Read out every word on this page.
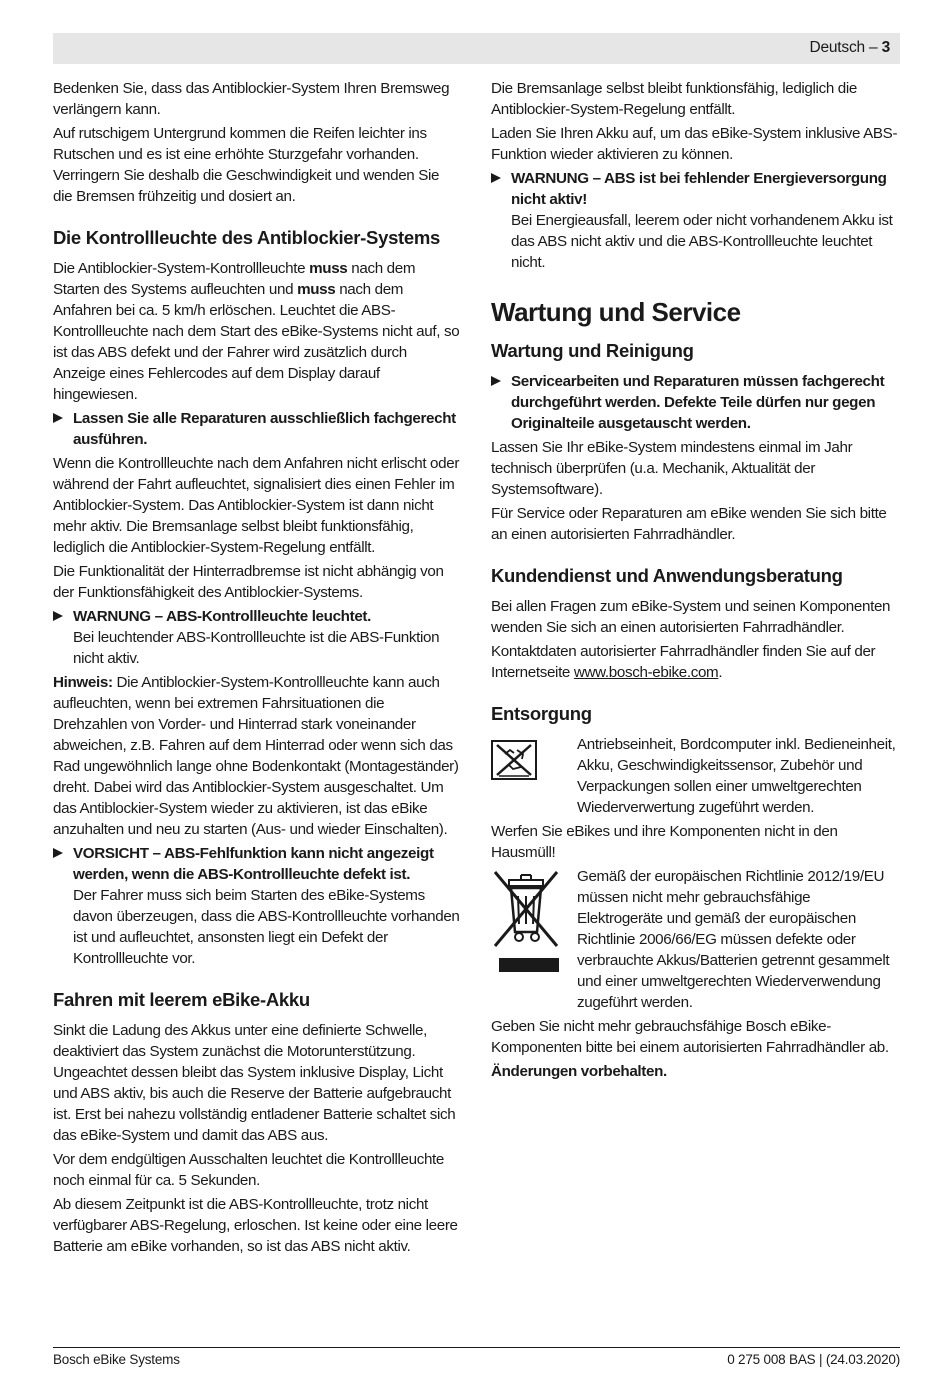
Deutsch – 3

Bedenken Sie, dass das Antiblockier-System Ihren Bremsweg verlängern kann.

Auf rutschigem Untergrund kommen die Reifen leichter ins Rutschen und es ist eine erhöhte Sturzgefahr vorhanden. Verringern Sie deshalb die Geschwindigkeit und wenden Sie die Bremsen frühzeitig und dosiert an.

Die Kontrollleuchte des Antiblockier-Systems

Die Antiblockier-System-Kontrollleuchte muss nach dem Starten des Systems aufleuchten und muss nach dem Anfahren bei ca. 5 km/h erlöschen. Leuchtet die ABS-Kontrollleuchte nach dem Start des eBike-Systems nicht auf, so ist das ABS defekt und der Fahrer wird zusätzlich durch Anzeige eines Fehlercodes auf dem Display darauf hingewiesen.

Lassen Sie alle Reparaturen ausschließlich fachgerecht ausführen.

Wenn die Kontrollleuchte nach dem Anfahren nicht erlischt oder während der Fahrt aufleuchtet, signalisiert dies einen Fehler im Antiblockier-System. Das Antiblockier-System ist dann nicht mehr aktiv. Die Bremsanlage selbst bleibt funktionsfähig, lediglich die Antiblockier-System-Regelung entfällt.

Die Funktionalität der Hinterradbremse ist nicht abhängig von der Funktionsfähigkeit des Antiblockier-Systems.

WARNUNG – ABS-Kontrollleuchte leuchtet.
Bei leuchtender ABS-Kontrollleuchte ist die ABS-Funktion nicht aktiv.

Hinweis: Die Antiblockier-System-Kontrollleuchte kann auch aufleuchten, wenn bei extremen Fahrsituationen die Drehzahlen von Vorder- und Hinterrad stark voneinander abweichen, z.B. Fahren auf dem Hinterrad oder wenn sich das Rad ungewöhnlich lange ohne Bodenkontakt (Montageständer) dreht. Dabei wird das Antiblockier-System ausgeschaltet. Um das Antiblockier-System wieder zu aktivieren, ist das eBike anzuhalten und neu zu starten (Aus- und wieder Einschalten).

VORSICHT – ABS-Fehlfunktion kann nicht angezeigt werden, wenn die ABS-Kontrollleuchte defekt ist.
Der Fahrer muss sich beim Starten des eBike-Systems davon überzeugen, dass die ABS-Kontrollleuchte vorhanden ist und aufleuchtet, ansonsten liegt ein Defekt der Kontrollleuchte vor.
Fahren mit leerem eBike-Akku

Sinkt die Ladung des Akkus unter eine definierte Schwelle, deaktiviert das System zunächst die Motorunterstützung. Ungeachtet dessen bleibt das System inklusive Display, Licht und ABS aktiv, bis auch die Reserve der Batterie aufgebraucht ist. Erst bei nahezu vollständig entladener Batterie schaltet sich das eBike-System und damit das ABS aus.

Vor dem endgültigen Ausschalten leuchtet die Kontrollleuchte noch einmal für ca. 5 Sekunden.

Ab diesem Zeitpunkt ist die ABS-Kontrollleuchte, trotz nicht verfügbarer ABS-Regelung, erloschen. Ist keine oder eine leere Batterie am eBike vorhanden, so ist das ABS nicht aktiv.

Die Bremsanlage selbst bleibt funktionsfähig, lediglich die Antiblockier-System-Regelung entfällt.

Laden Sie Ihren Akku auf, um das eBike-System inklusive ABS-Funktion wieder aktivieren zu können.

WARNUNG – ABS ist bei fehlender Energieversorgung nicht aktiv!
Bei Energieausfall, leerem oder nicht vorhandenem Akku ist das ABS nicht aktiv und die ABS-Kontrollleuchte leuchtet nicht.
Wartung und Service
Wartung und Reinigung
Servicearbeiten und Reparaturen müssen fachgerecht durchgeführt werden. Defekte Teile dürfen nur gegen Originalteile ausgetauscht werden.

Lassen Sie Ihr eBike-System mindestens einmal im Jahr technisch überprüfen (u.a. Mechanik, Aktualität der Systemsoftware).

Für Service oder Reparaturen am eBike wenden Sie sich bitte an einen autorisierten Fahrradhändler.

Kundendienst und Anwendungsberatung

Bei allen Fragen zum eBike-System und seinen Komponenten wenden Sie sich an einen autorisierten Fahrradhändler.

Kontaktdaten autorisierter Fahrradhändler finden Sie auf der Internetseite www.bosch-ebike.com.

Entsorgung

Antriebseinheit, Bordcomputer inkl. Bedieneinheit, Akku, Geschwindigkeitssensor, Zubehör und Verpackungen sollen einer umweltgerechten Wiederverwertung zugeführt werden.

Werfen Sie eBikes und ihre Komponenten nicht in den Hausmüll!

Gemäß der europäischen Richtlinie 2012/19/EU müssen nicht mehr gebrauchsfähige Elektrogeräte und gemäß der europäischen Richtlinie 2006/66/EG müssen defekte oder verbrauchte Akkus/Batterien getrennt gesammelt und einer umweltgerechten Wiederverwendung zugeführt werden.

Geben Sie nicht mehr gebrauchsfähige Bosch eBike-Komponenten bitte bei einem autorisierten Fahrradhändler ab.

Änderungen vorbehalten.

Bosch eBike Systems	0 275 008 BAS | (24.03.2020)
